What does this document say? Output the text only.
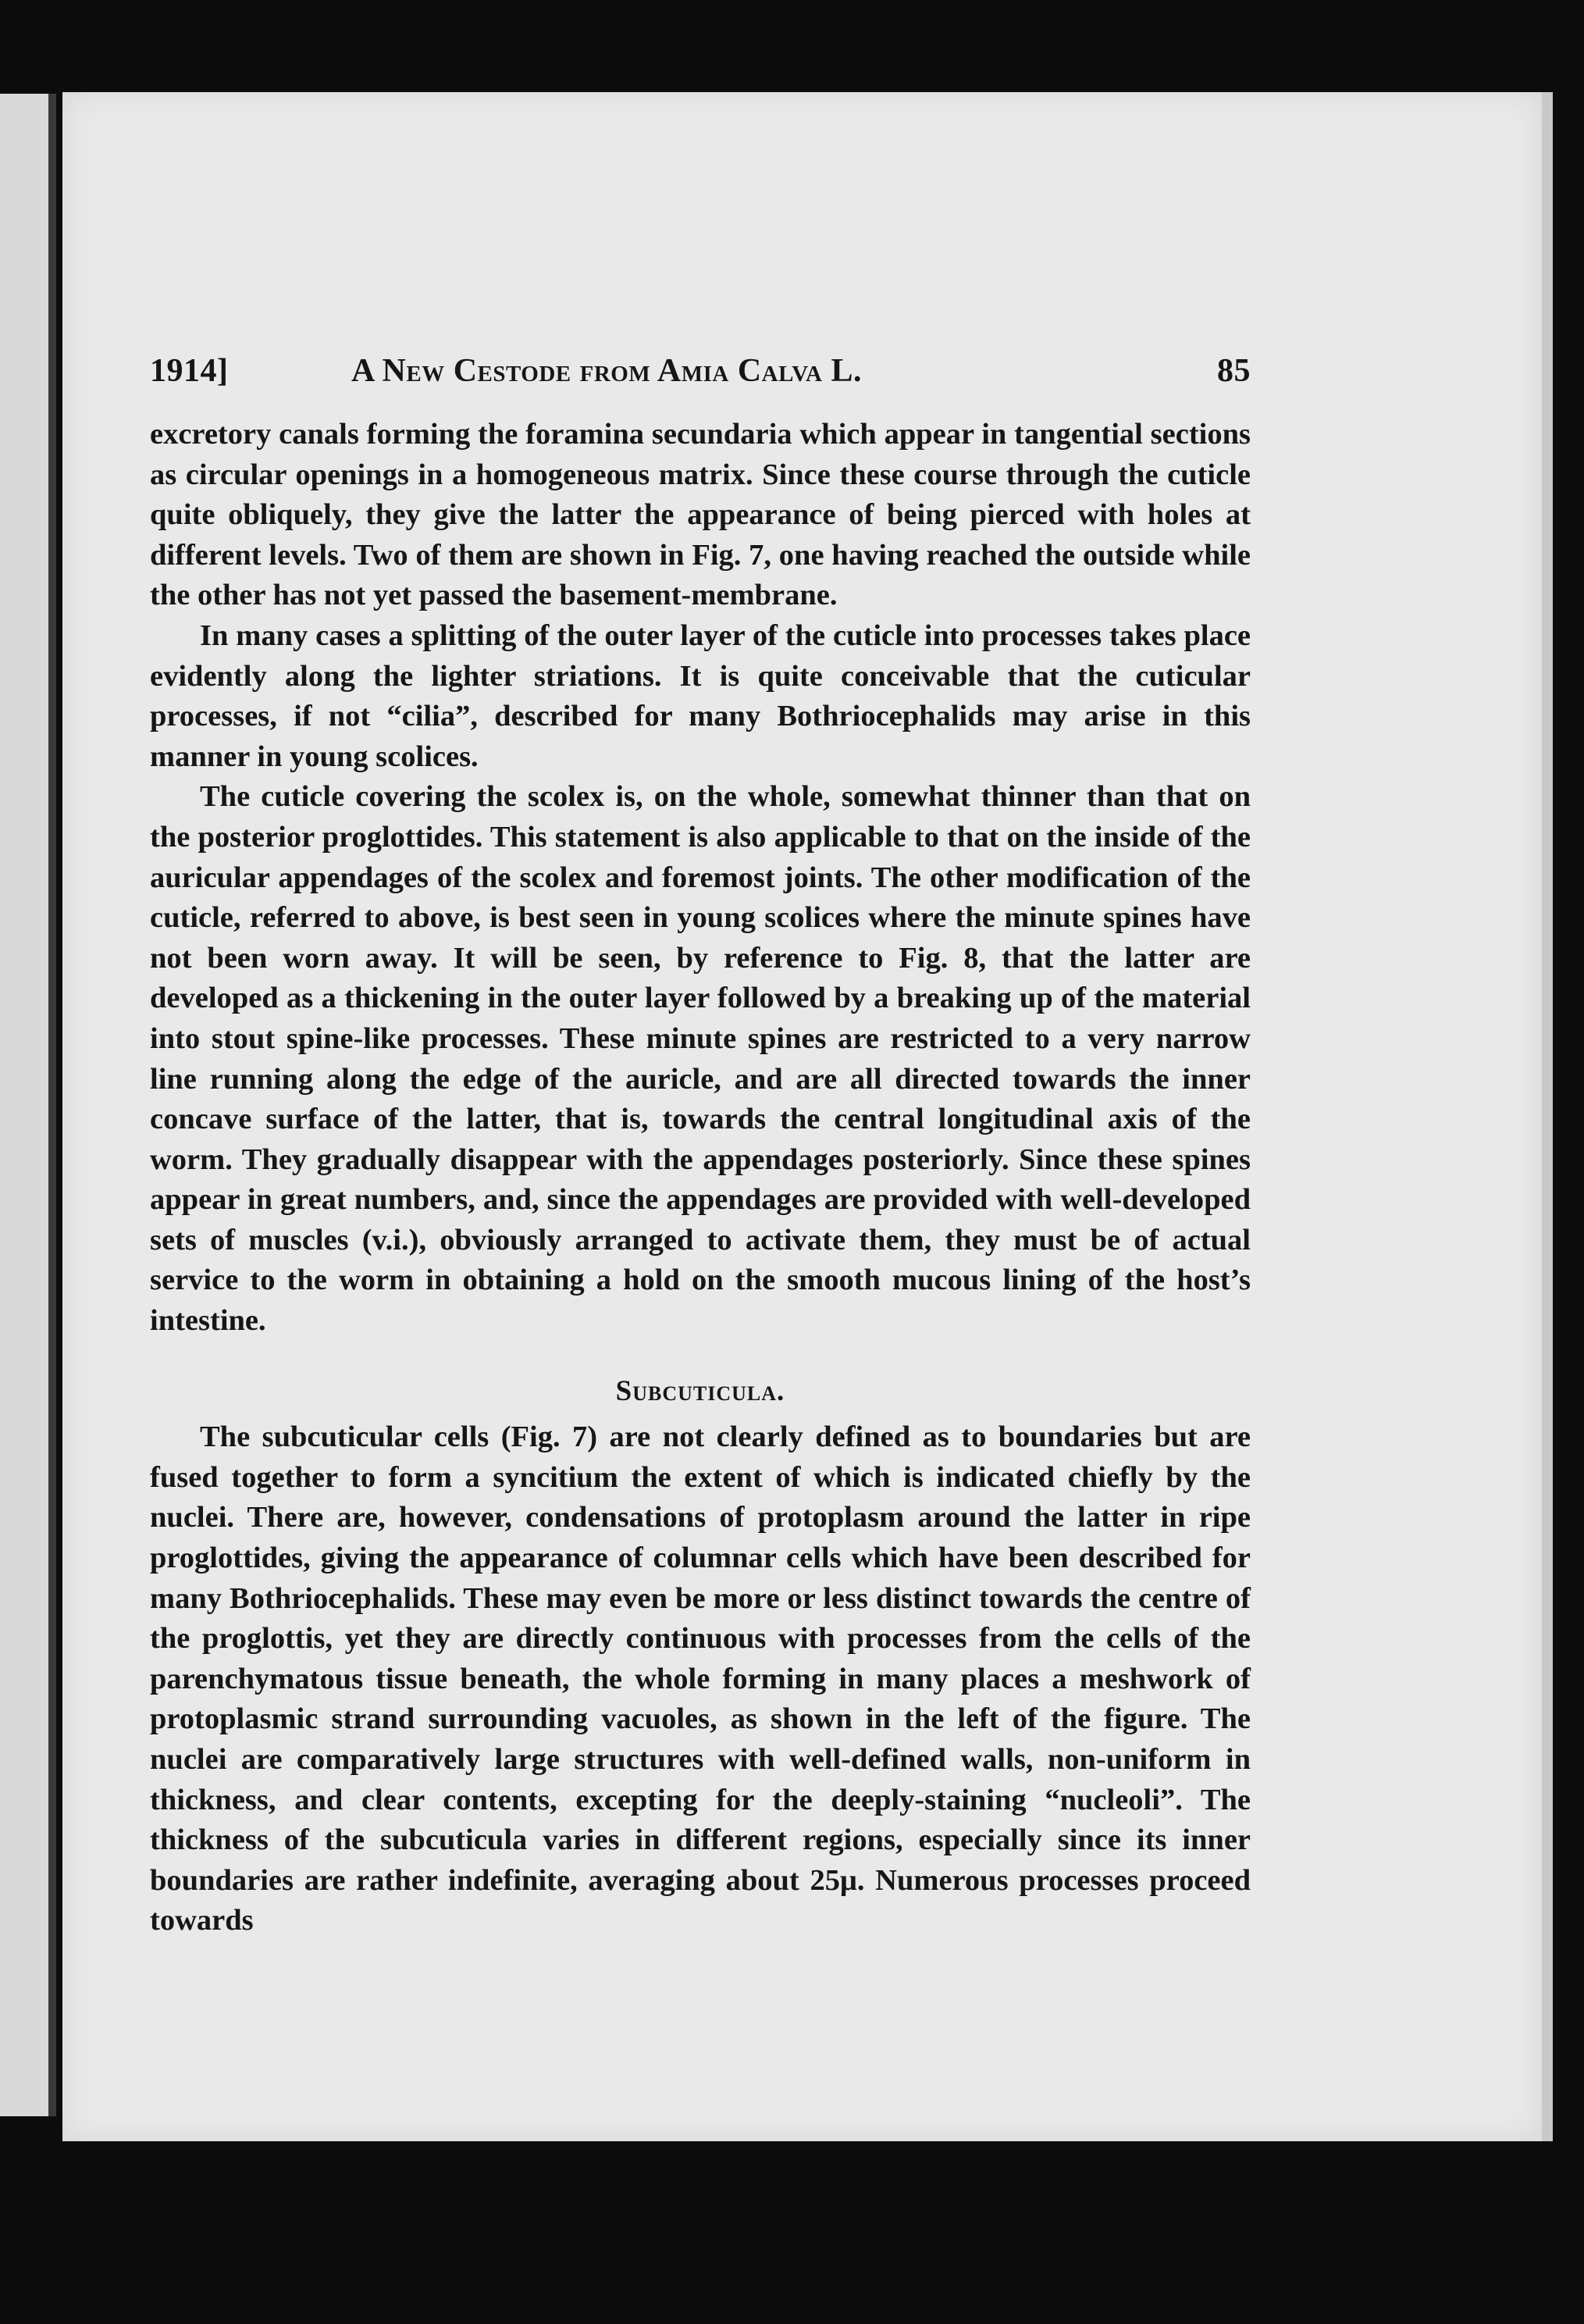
1914]	A New Cestode from Amia Calva L.	85

excretory canals forming the foramina secundaria which appear in tangential sections as circular openings in a homogeneous matrix. Since these course through the cuticle quite obliquely, they give the latter the appearance of being pierced with holes at different levels. Two of them are shown in Fig. 7, one having reached the outside while the other has not yet passed the basement-membrane.

In many cases a splitting of the outer layer of the cuticle into processes takes place evidently along the lighter striations. It is quite conceivable that the cuticular processes, if not “cilia”, described for many Bothriocephalids may arise in this manner in young scolices.

The cuticle covering the scolex is, on the whole, somewhat thinner than that on the posterior proglottides. This statement is also applicable to that on the inside of the auricular appendages of the scolex and foremost joints. The other modification of the cuticle, referred to above, is best seen in young scolices where the minute spines have not been worn away. It will be seen, by reference to Fig. 8, that the latter are developed as a thickening in the outer layer followed by a breaking up of the material into stout spine-like processes. These minute spines are restricted to a very narrow line running along the edge of the auricle, and are all directed towards the inner concave surface of the latter, that is, towards the central longitudinal axis of the worm. They gradually disappear with the appendages posteriorly. Since these spines appear in great numbers, and, since the appendages are provided with well-developed sets of muscles (v.i.), obviously arranged to activate them, they must be of actual service to the worm in obtaining a hold on the smooth mucous lining of the host’s intestine.

Subcuticula.

The subcuticular cells (Fig. 7) are not clearly defined as to boundaries but are fused together to form a syncitium the extent of which is indicated chiefly by the nuclei. There are, however, condensations of protoplasm around the latter in ripe proglottides, giving the appearance of columnar cells which have been described for many Bothriocephalids. These may even be more or less distinct towards the centre of the proglottis, yet they are directly continuous with processes from the cells of the parenchymatous tissue beneath, the whole forming in many places a meshwork of protoplasmic strand surrounding vacuoles, as shown in the left of the figure. The nuclei are comparatively large structures with well-defined walls, non-uniform in thickness, and clear contents, excepting for the deeply-staining “nucleoli”. The thickness of the subcuticula varies in different regions, especially since its inner boundaries are rather indefinite, averaging about 25μ. Numerous processes proceed towards
